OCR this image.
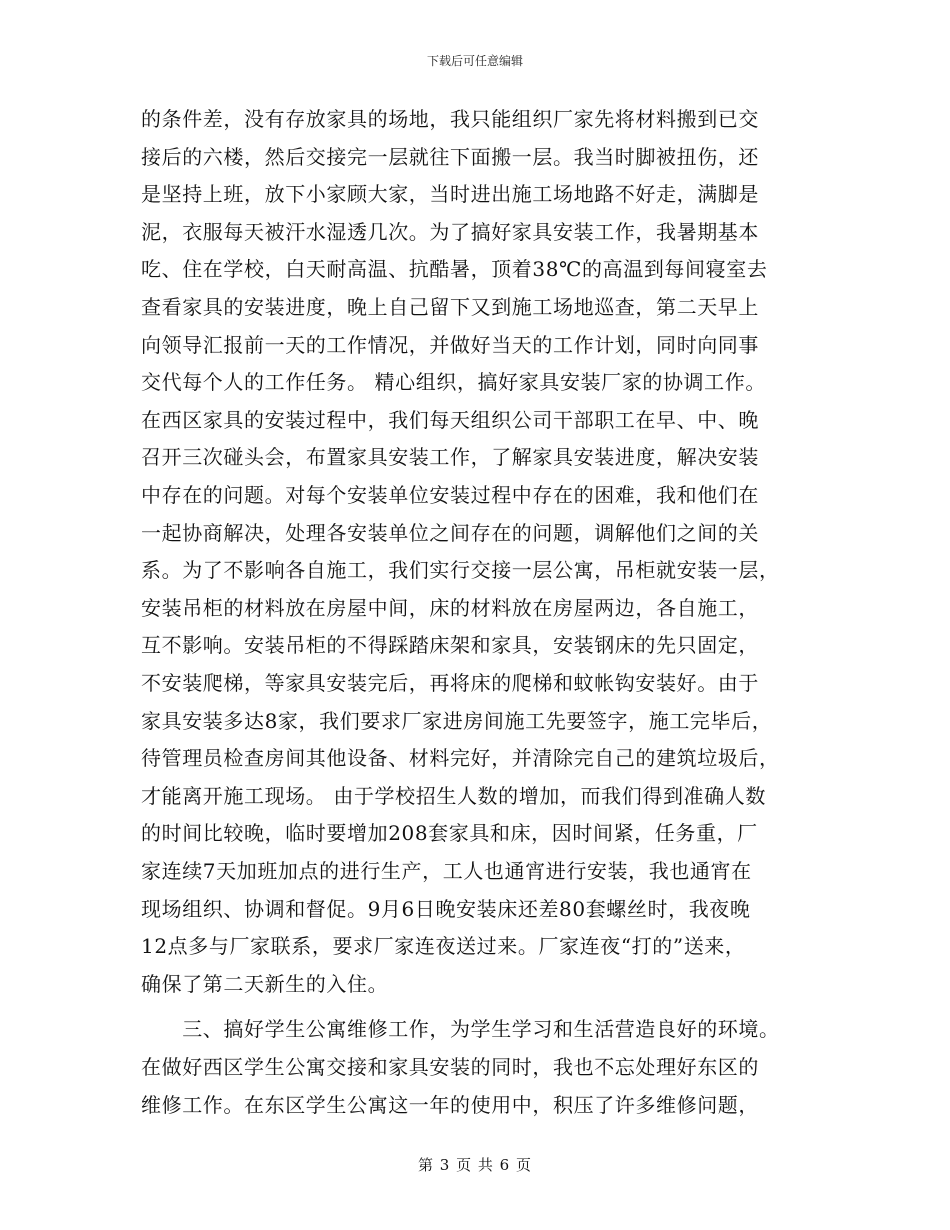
下载后可任意编辑
的条件差，没有存放家具的场地，我只能组织厂家先将材料搬到已交
接后的六楼，然后交接完一层就往下面搬一层。我当时脚被扭伤，还
是坚持上班，放下小家顾大家，当时进出施工场地路不好走，满脚是
泥，衣服每天被汗水湿透几次。为了搞好家具安装工作，我暑期基本
吃、住在学校，白天耐高温、抗酷暑，顶着38℃的高温到每间寝室去
查看家具的安装进度，晚上自己留下又到施工场地巡查，第二天早上
向领导汇报前一天的工作情况，并做好当天的工作计划，同时向同事
交代每个人的工作任务。 精心组织，搞好家具安装厂家的协调工作。
在西区家具的安装过程中，我们每天组织公司干部职工在早、中、晚
召开三次碰头会，布置家具安装工作，了解家具安装进度，解决安装
中存在的问题。对每个安装单位安装过程中存在的困难，我和他们在
一起协商解决，处理各安装单位之间存在的问题，调解他们之间的关
系。为了不影响各自施工，我们实行交接一层公寓，吊柜就安装一层，
安装吊柜的材料放在房屋中间，床的材料放在房屋两边，各自施工，
互不影响。安装吊柜的不得踩踏床架和家具，安装钢床的先只固定，
不安装爬梯，等家具安装完后，再将床的爬梯和蚊帐钩安装好。由于
家具安装多达8家，我们要求厂家进房间施工先要签字，施工完毕后，
待管理员检查房间其他设备、材料完好，并清除完自己的建筑垃圾后，
才能离开施工现场。 由于学校招生人数的增加，而我们得到准确人数
的时间比较晚，临时要增加208套家具和床，因时间紧，任务重，厂
家连续7天加班加点的进行生产，工人也通宵进行安装，我也通宵在
现场组织、协调和督促。9月6日晚安装床还差80套螺丝时，我夜晚
12点多与厂家联系，要求厂家连夜送过来。厂家连夜“打的”送来，
确保了第二天新生的入住。
　　三、搞好学生公寓维修工作，为学生学习和生活营造良好的环境。
在做好西区学生公寓交接和家具安装的同时，我也不忘处理好东区的
维修工作。在东区学生公寓这一年的使用中，积压了许多维修问题，
第 3 页 共 6 页
